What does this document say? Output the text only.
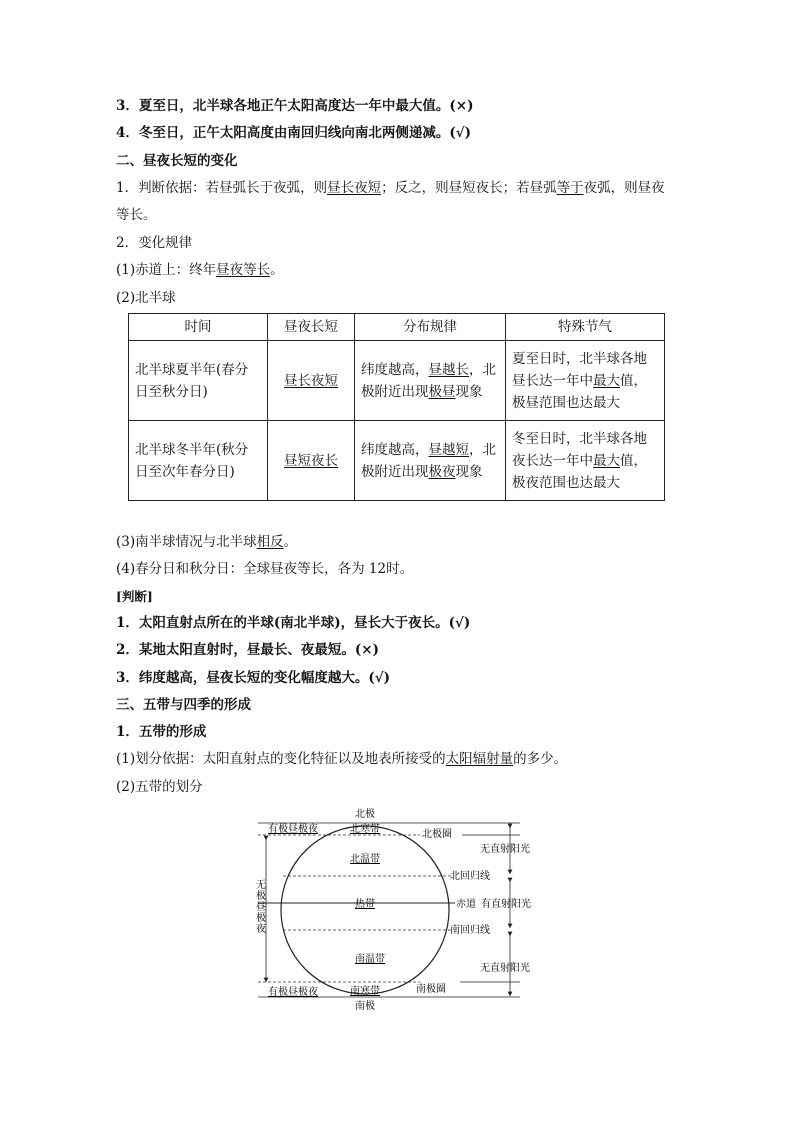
3．夏至日，北半球各地正午太阳高度达一年中最大值。(×)
4．冬至日，正午太阳高度由南回归线向南北两侧递减。(√)
二、昼夜长短的变化
1．判断依据：若昼弧长于夜弧，则昼长夜短；反之，则昼短夜长；若昼弧等于夜弧，则昼夜
等长。
2．变化规律
(1)赤道上：终年昼夜等长。
(2)北半球
时间	昼夜长短	分布规律	特殊节气
北半球夏半年(春分日至秋分日)	昼长夜短	纬度越高，昼越长，北极附近出现极昼现象	夏至日时，北半球各地昼长达一年中最大值，极昼范围也达最大
北半球冬半年(秋分日至次年春分日)	昼短夜长	纬度越高，昼越短，北极附近出现极夜现象	冬至日时，北半球各地夜长达一年中最大值，极夜范围也达最大
(3)南半球情况与北半球相反。
(4)春分日和秋分日：全球昼夜等长，各为 12时。
[判断]
1．太阳直射点所在的半球(南北半球)，昼长大于夜长。(√)
2．某地太阳直射时，昼最长、夜最短。(×)
3．纬度越高，昼夜长短的变化幅度越大。(√)
三、五带与四季的形成
1．五带的形成
(1)划分依据：太阳直射点的变化特征以及地表所接受的太阳辐射量的多少。
(2)五带的划分
北极
北寒带
北温带
热带
南温带
南寒带
南极
有极昼极夜
有极昼极夜
无
极
昼
极
夜
北极圈
北回归线
赤道
南回归线
南极圈
无直射阳光
有直射阳光
无直射阳光
